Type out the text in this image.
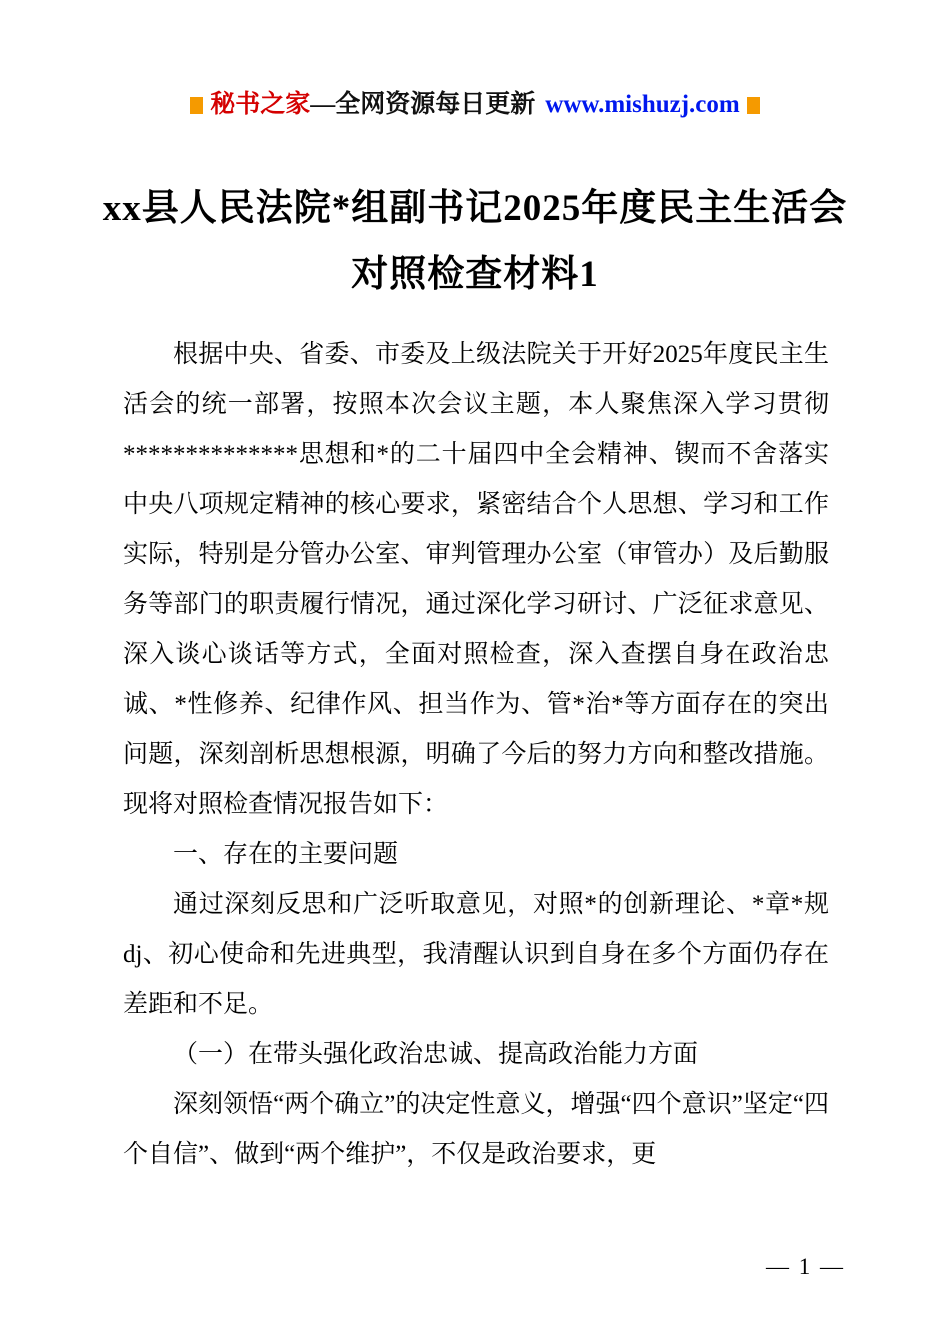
秘书之家—全网资源每日更新 www.mishuzj.com
xx县人民法院*组副书记2025年度民主生活会对照检查材料1

根据中央、省委、市委及上级法院关于开好2025年度民主生活会的统一部署，按照本次会议主题，本人聚焦深入学习贯彻**************思想和*的二十届四中全会精神、锲而不舍落实中央八项规定精神的核心要求，紧密结合个人思想、学习和工作实际，特别是分管办公室、审判管理办公室（审管办）及后勤服务等部门的职责履行情况，通过深化学习研讨、广泛征求意见、深入谈心谈话等方式，全面对照检查，深入查摆自身在政治忠诚、*性修养、纪律作风、担当作为、管*治*等方面存在的突出问题，深刻剖析思想根源，明确了今后的努力方向和整改措施。现将对照检查情况报告如下：

一、存在的主要问题

通过深刻反思和广泛听取意见，对照*的创新理论、*章*规dj、初心使命和先进典型，我清醒认识到自身在多个方面仍存在差距和不足。

（一）在带头强化政治忠诚、提高政治能力方面

深刻领悟“两个确立”的决定性意义，增强“四个意识”坚定“四个自信”、做到“两个维护”，不仅是政治要求，更

— 1 —
